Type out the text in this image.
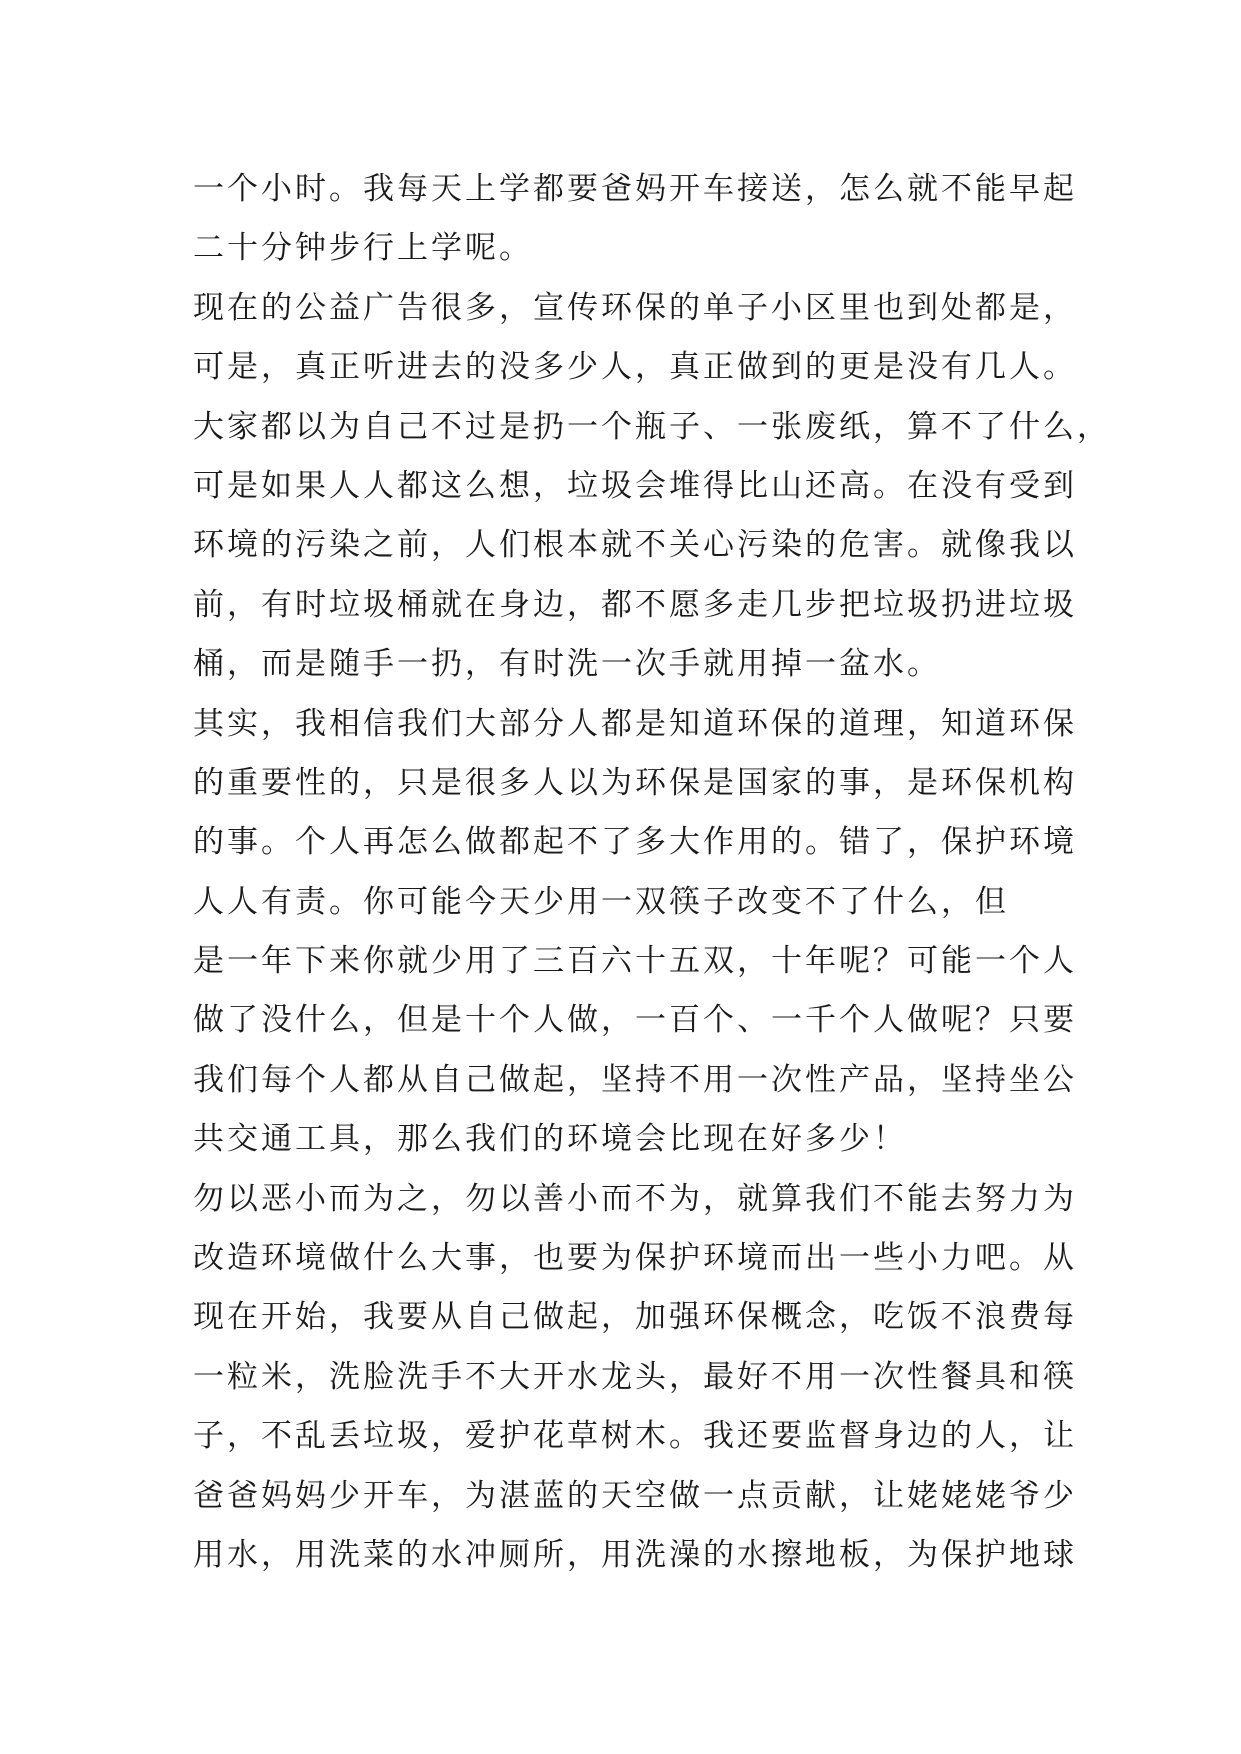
一个小时。我每天上学都要爸妈开车接送，怎么就不能早起
二十分钟步行上学呢。
现在的公益广告很多，宣传环保的单子小区里也到处都是，
可是，真正听进去的没多少人，真正做到的更是没有几人。
大家都以为自己不过是扔一个瓶子、一张废纸，算不了什么，
可是如果人人都这么想，垃圾会堆得比山还高。在没有受到
环境的污染之前，人们根本就不关心污染的危害。就像我以
前，有时垃圾桶就在身边，都不愿多走几步把垃圾扔进垃圾
桶，而是随手一扔，有时洗一次手就用掉一盆水。
其实，我相信我们大部分人都是知道环保的道理，知道环保
的重要性的，只是很多人以为环保是国家的事，是环保机构
的事。个人再怎么做都起不了多大作用的。错了，保护环境
人人有责。你可能今天少用一双筷子改变不了什么，但
是一年下来你就少用了三百六十五双，十年呢？可能一个人
做了没什么，但是十个人做，一百个、一千个人做呢？只要
我们每个人都从自己做起，坚持不用一次性产品，坚持坐公
共交通工具，那么我们的环境会比现在好多少！
勿以恶小而为之，勿以善小而不为，就算我们不能去努力为
改造环境做什么大事，也要为保护环境而出一些小力吧。从
现在开始，我要从自己做起，加强环保概念，吃饭不浪费每
一粒米，洗脸洗手不大开水龙头，最好不用一次性餐具和筷
子，不乱丢垃圾，爱护花草树木。我还要监督身边的人，让
爸爸妈妈少开车，为湛蓝的天空做一点贡献，让姥姥姥爷少
用水，用洗菜的水冲厕所，用洗澡的水擦地板，为保护地球
